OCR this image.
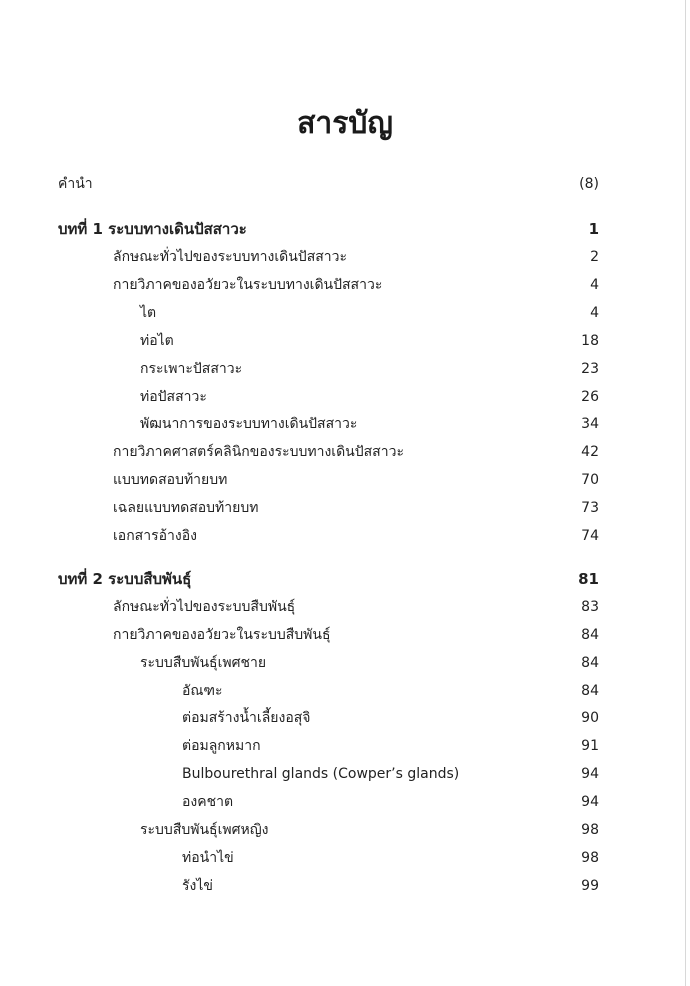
สารบัญ
คำนำ	(8)
บทที่ 1 ระบบทางเดินปัสสาวะ	1
ลักษณะทั่วไปของระบบทางเดินปัสสาวะ	2
กายวิภาคของอวัยวะในระบบทางเดินปัสสาวะ	4
ไต	4
ท่อไต	18
กระเพาะปัสสาวะ	23
ท่อปัสสาวะ	26
พัฒนาการของระบบทางเดินปัสสาวะ	34
กายวิภาคศาสตร์คลินิกของระบบทางเดินปัสสาวะ	42
แบบทดสอบท้ายบท	70
เฉลยแบบทดสอบท้ายบท	73
เอกสารอ้างอิง	74
บทที่ 2 ระบบสืบพันธุ์	81
ลักษณะทั่วไปของระบบสืบพันธุ์	83
กายวิภาคของอวัยวะในระบบสืบพันธุ์	84
ระบบสืบพันธุ์เพศชาย	84
อัณฑะ	84
ต่อมสร้างน้ำเลี้ยงอสุจิ	90
ต่อมลูกหมาก	91
Bulbourethral glands (Cowper’s glands)	94
องคชาต	94
ระบบสืบพันธุ์เพศหญิง	98
ท่อนำไข่	98
รังไข่	99
